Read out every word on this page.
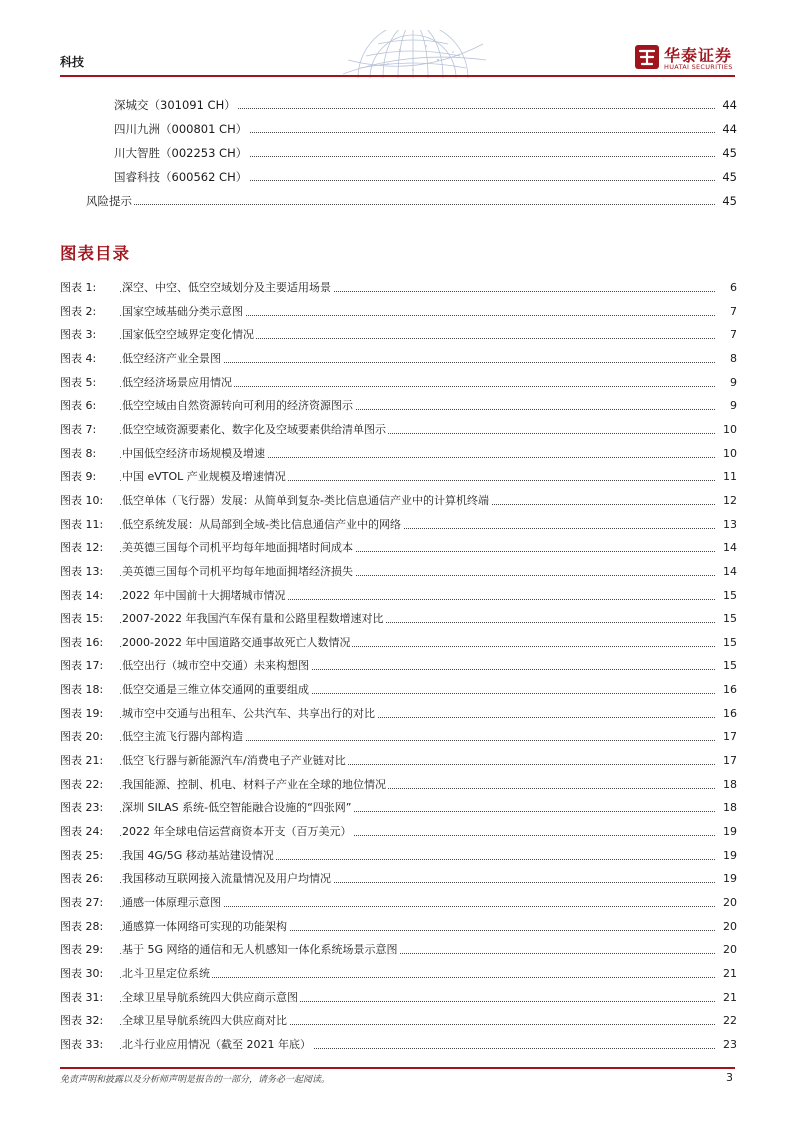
科技	华泰证券
HUATAI SECURITIES
深城交（301091 CH）	44
四川九洲（000801 CH）	44
川大智胜（002253 CH）	45
国睿科技（600562 CH）	45
风险提示	45
图表目录
图表 1: 深空、中空、低空空域划分及主要适用场景	6
图表 2: 国家空域基础分类示意图	7
图表 3: 国家低空空域界定变化情况	7
图表 4: 低空经济产业全景图	8
图表 5: 低空经济场景应用情况	9
图表 6: 低空空域由自然资源转向可利用的经济资源图示	9
图表 7: 低空空域资源要素化、数字化及空域要素供给清单图示	10
图表 8: 中国低空经济市场规模及增速	10
图表 9: 中国 eVTOL 产业规模及增速情况	11
图表 10: 低空单体（飞行器）发展：从简单到复杂-类比信息通信产业中的计算机终端	12
图表 11: 低空系统发展：从局部到全域-类比信息通信产业中的网络	13
图表 12: 美英德三国每个司机平均每年地面拥堵时间成本	14
图表 13: 美英德三国每个司机平均每年地面拥堵经济损失	14
图表 14: 2022 年中国前十大拥堵城市情况	15
图表 15: 2007-2022 年我国汽车保有量和公路里程数增速对比	15
图表 16: 2000-2022 年中国道路交通事故死亡人数情况	15
图表 17: 低空出行（城市空中交通）未来构想图	15
图表 18: 低空交通是三维立体交通网的重要组成	16
图表 19: 城市空中交通与出租车、公共汽车、共享出行的对比	16
图表 20: 低空主流飞行器内部构造	17
图表 21: 低空飞行器与新能源汽车/消费电子产业链对比	17
图表 22: 我国能源、控制、机电、材料子产业在全球的地位情况	18
图表 23: 深圳 SILAS 系统-低空智能融合设施的“四张网”	18
图表 24: 2022 年全球电信运营商资本开支（百万美元）	19
图表 25: 我国 4G/5G 移动基站建设情况	19
图表 26: 我国移动互联网接入流量情况及用户均情况	19
图表 27: 通感一体原理示意图	20
图表 28: 通感算一体网络可实现的功能架构	20
图表 29: 基于 5G 网络的通信和无人机感知一体化系统场景示意图	20
图表 30: 北斗卫星定位系统	21
图表 31: 全球卫星导航系统四大供应商示意图	21
图表 32: 全球卫星导航系统四大供应商对比	22
图表 33: 北斗行业应用情况（截至 2021 年底）	23
免责声明和披露以及分析师声明是报告的一部分，请务必一起阅读。	3
